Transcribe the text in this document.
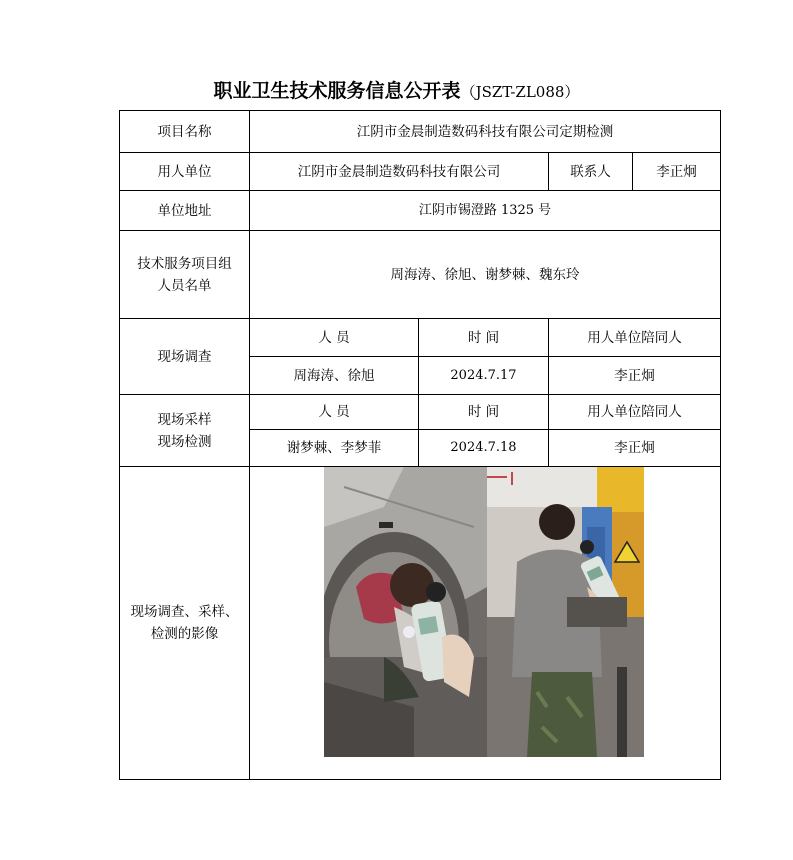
职业卫生技术服务信息公开表（JSZT-ZL088）
项目名称	江阴市金晨制造数码科技有限公司定期检测			
用人单位	江阴市金晨制造数码科技有限公司		联系人	李正炯
单位地址	江阴市锡澄路 1325 号			

技术服务项目组
人员名单	周海涛、徐旭、谢梦棘、魏东玲			
现场调查	人 员	时 间	用人单位陪同人	
	周海涛、徐旭	2024.7.17	李正炯	

现场采样
现场检测	人 员	时 间	用人单位陪同人	
	谢梦棘、李梦菲	2024.7.18	李正炯	

现场调查、采样、
检测的影像
